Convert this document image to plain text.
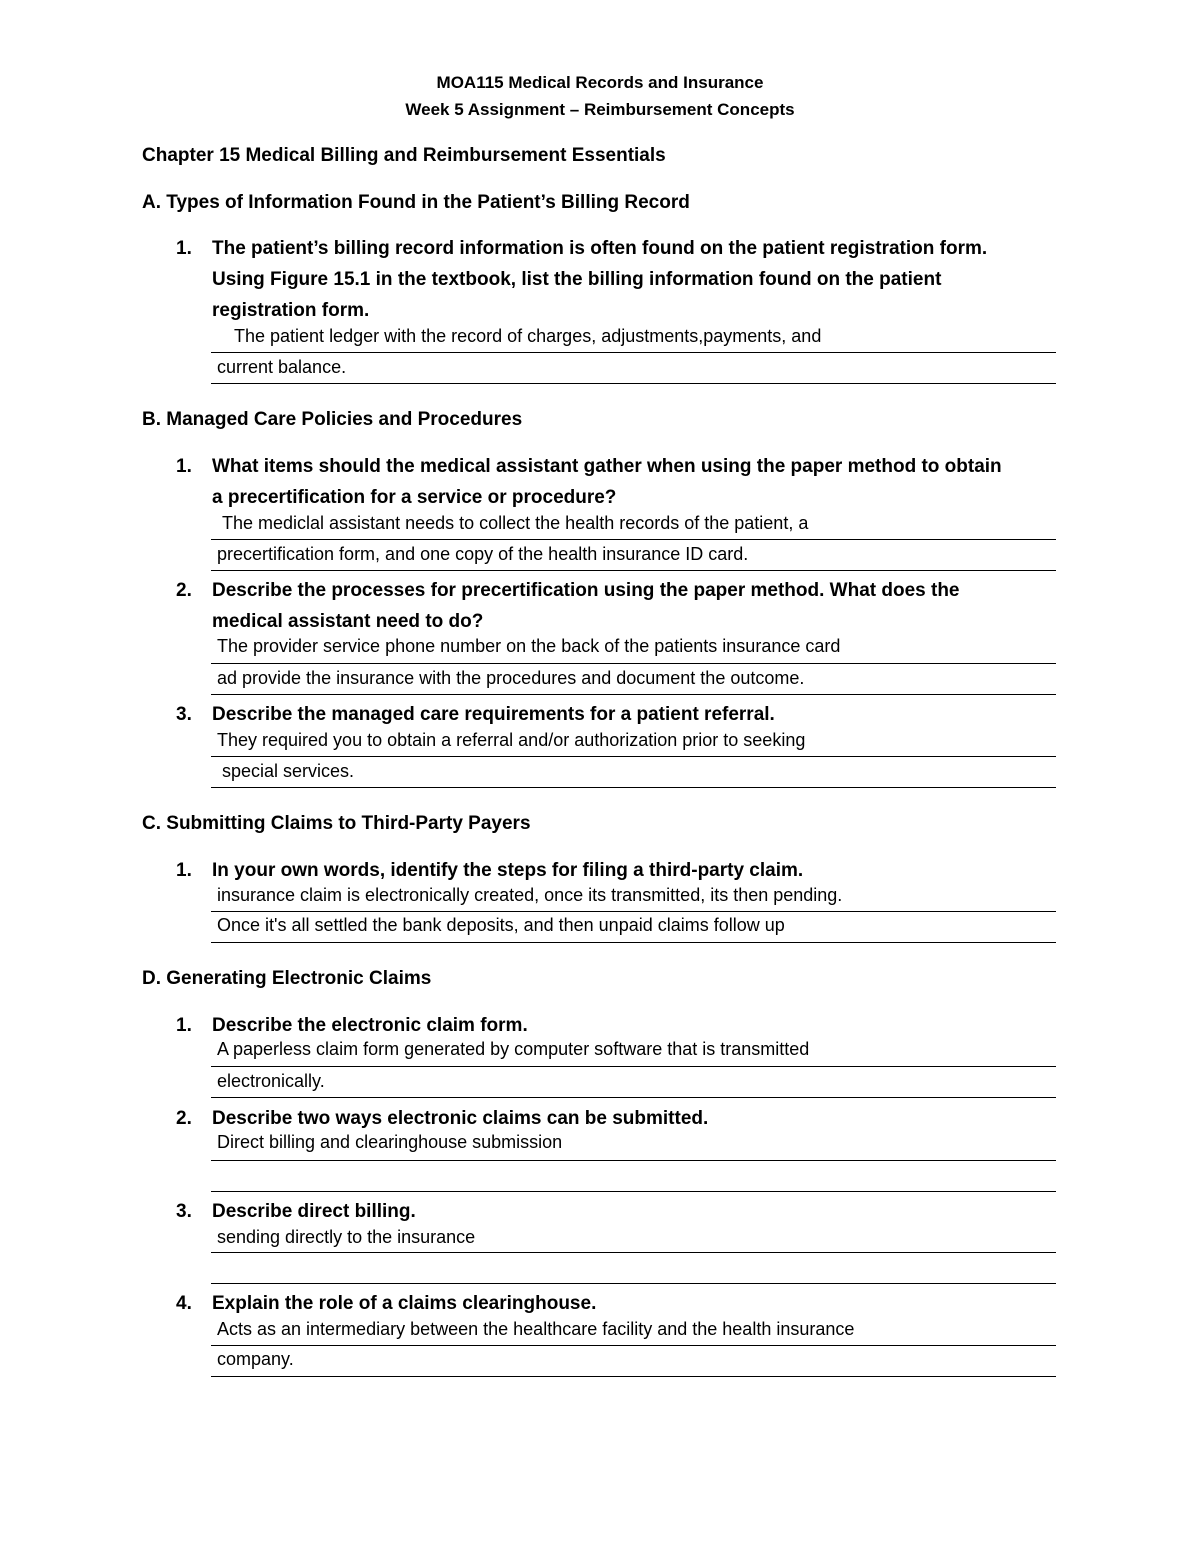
MOA115 Medical Records and Insurance
Week 5 Assignment – Reimbursement Concepts
Chapter 15 Medical Billing and Reimbursement Essentials
A. Types of Information Found in the Patient’s Billing Record
1. The patient’s billing record information is often found on the patient registration form.
Using Figure 15.1 in the textbook, list the billing information found on the patient
registration form.
The patient ledger with the record of charges, adjustments,payments, and
current balance.
B. Managed Care Policies and Procedures
1. What items should the medical assistant gather when using the paper method to obtain
a precertification for a service or procedure?
The mediclal assistant needs to collect the health records of the patient, a
precertification form, and one copy of the health insurance ID card.
2. Describe the processes for precertification using the paper method. What does the
medical assistant need to do?
The provider service phone number on the back of the patients insurance card
ad provide the insurance with the procedures and document the outcome.
3. Describe the managed care requirements for a patient referral.
They required you to obtain a referral and/or authorization prior to seeking
special services.
C. Submitting Claims to Third-Party Payers
1. In your own words, identify the steps for filing a third-party claim.
insurance claim is electronically created, once its transmitted, its then pending.
Once it's all settled the bank deposits, and then unpaid claims follow up
D. Generating Electronic Claims
1. Describe the electronic claim form.
A paperless claim form generated by computer software that is transmitted
electronically.
2. Describe two ways electronic claims can be submitted.
Direct billing and clearinghouse submission
3. Describe direct billing.
sending directly to the insurance
4. Explain the role of a claims clearinghouse.
Acts as an intermediary between the healthcare facility and the health insurance
company.
